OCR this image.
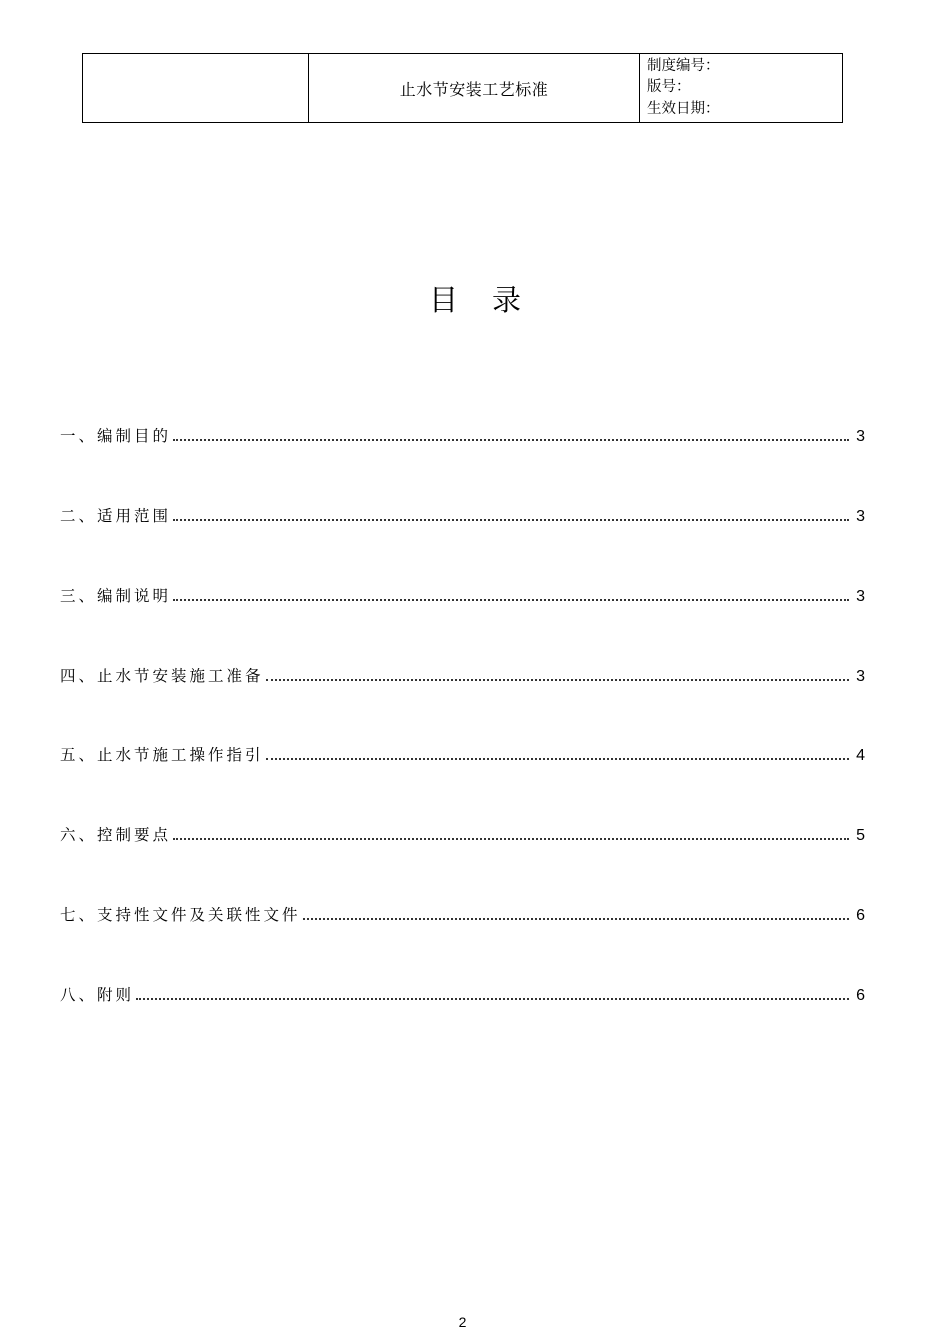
	止水节安装工艺标准	
制度编号：
版号：
生效日期：
目录
一、编制目的	3
二、适用范围	3
三、编制说明	3
四、止水节安装施工准备	3
五、止水节施工操作指引	4
六、控制要点	5
七、支持性文件及关联性文件	6
八、附则	6
2
